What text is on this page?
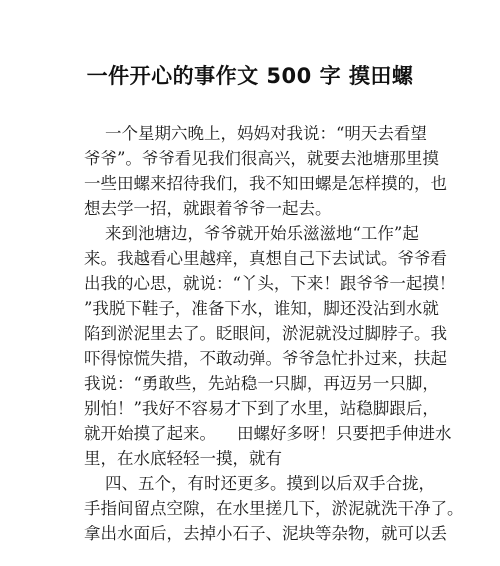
一件开心的事作文 500 字 摸田螺
一个星期六晚上，妈妈对我说：“明天去看望
爷爷”。爷爷看见我们很高兴，就要去池塘那里摸
一些田螺来招待我们，我不知田螺是怎样摸的，也
想去学一招，就跟着爷爷一起去。
来到池塘边，爷爷就开始乐滋滋地“工作”起
来。我越看心里越痒，真想自己下去试试。爷爷看
出我的心思，就说：“丫头，下来！跟爷爷一起摸！
”我脱下鞋子，准备下水，谁知，脚还没沾到水就
陷到淤泥里去了。眨眼间，淤泥就没过脚脖子。我
吓得惊慌失措，不敢动弹。爷爷急忙扑过来，扶起
我说：“勇敢些，先站稳一只脚，再迈另一只脚，
别怕！”我好不容易才下到了水里，站稳脚跟后，
就开始摸了起来。    田螺好多呀！只要把手伸进水
里，在水底轻轻一摸，就有
四、五个，有时还更多。摸到以后双手合拢，
手指间留点空隙，在水里搓几下，淤泥就洗干净了。
拿出水面后，去掉小石子、泥块等杂物，就可以丢
